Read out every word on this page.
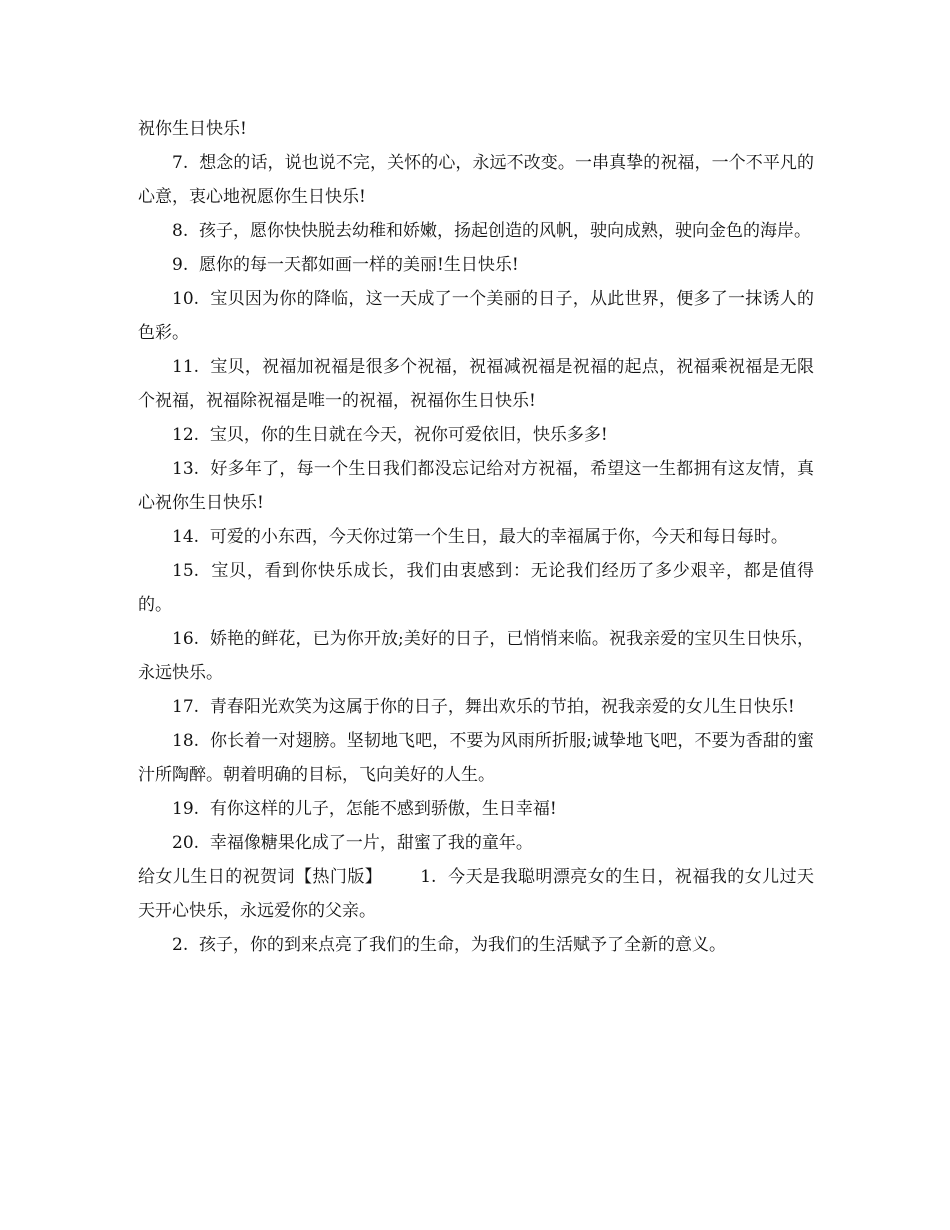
祝你生日快乐!

7. 想念的话，说也说不完，关怀的心，永远不改变。一串真挚的祝福，一个不平凡的心意，衷心地祝愿你生日快乐!

8. 孩子，愿你快快脱去幼稚和娇嫩，扬起创造的风帆，驶向成熟，驶向金色的海岸。

9. 愿你的每一天都如画一样的美丽!生日快乐!

10. 宝贝因为你的降临，这一天成了一个美丽的日子，从此世界，便多了一抹诱人的色彩。

11. 宝贝，祝福加祝福是很多个祝福，祝福减祝福是祝福的起点，祝福乘祝福是无限个祝福，祝福除祝福是唯一的祝福，祝福你生日快乐!

12. 宝贝，你的生日就在今天，祝你可爱依旧，快乐多多!

13. 好多年了，每一个生日我们都没忘记给对方祝福，希望这一生都拥有这友情，真心祝你生日快乐!

14. 可爱的小东西，今天你过第一个生日，最大的幸福属于你，今天和每日每时。

15. 宝贝，看到你快乐成长，我们由衷感到：无论我们经历了多少艰辛，都是值得的。

16. 娇艳的鲜花，已为你开放;美好的日子，已悄悄来临。祝我亲爱的宝贝生日快乐，永远快乐。

17. 青春阳光欢笑为这属于你的日子，舞出欢乐的节拍，祝我亲爱的女儿生日快乐!

18. 你长着一对翅膀。坚韧地飞吧，不要为风雨所折服;诚挚地飞吧，不要为香甜的蜜汁所陶醉。朝着明确的目标，飞向美好的人生。

19. 有你这样的儿子，怎能不感到骄傲，生日幸福!

20. 幸福像糖果化成了一片，甜蜜了我的童年。

给女儿生日的祝贺词【热门版】 1. 今天是我聪明漂亮女的生日，祝福我的女儿过天天开心快乐，永远爱你的父亲。

2. 孩子，你的到来点亮了我们的生命，为我们的生活赋予了全新的意义。
